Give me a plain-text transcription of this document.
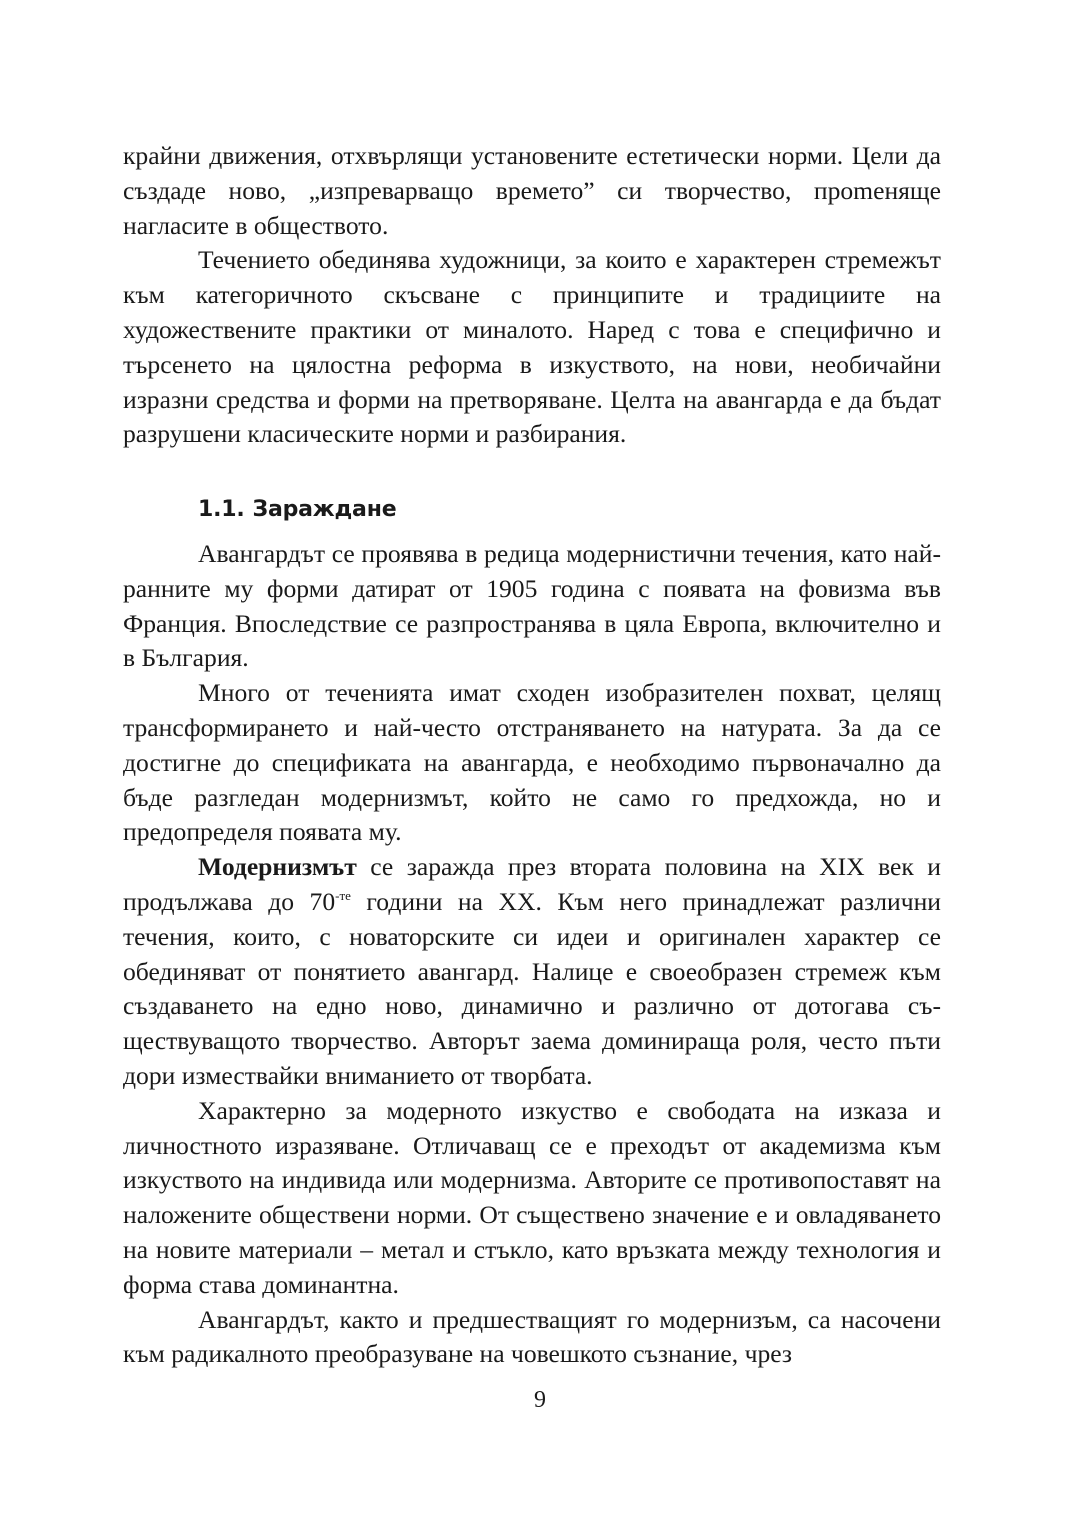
крайни движения, отхвърлящи установените естетически норми. Цели да създаде ново, „изпреварващо времето” си творчество, проmеняще нагласите в обществото.

Течението обединява художници, за които е характерен стремежът към категоричното скъсване с принципите и традициите на художествените практики от миналото. Наред с това е специфично и търсенето на цялостна реформа в изкуството, на нови, необичайни изразни средства и форми на претворяване. Целта на авангарда е да бъдат разрушени класическите норми и разбирания.

1.1. Зараждане

Авангардът се проявява в редица модернистични течения, като най-ранните му форми датират от 1905 година с появата на фовизма във Франция. Впоследствие се разпространява в цяла Европа, включително и в България.

Много от теченията имат сходен изобразителен похват, целящ трансформирането и най-често отстраняването на натурата. За да се достигне до спецификата на авангарда, е необходимо първоначално да бъде разгледан модернизмът, който не само го предхожда, но и предопределя появата му.

Модернизмът се заражда през втората половина на XIX век и продължава до $70^{-те}$ години на XX. Към него принадлежат различни течения, които, с новаторските си идеи и оригинален характер се обединяват от понятието авангард. Налице е своеобразен стремеж към създаването на едно ново, динамично и различно от дотогава съществуващото творчество. Авторът заема доминираща роля, често пъти дори измествайки вниманието от творбата.

Характерно за модерното изкуство е свободата на изказа и личностното изразяване. Отличаващ се е преходът от академизма към изкуството на индивида или модернизма. Авторите се противопоставят на наложените обществени норми. От съществено значение е и овладяването на новите материали – метал и стъкло, като връзката между технология и форма става доминантна.

Авангардът, както и предшестващият го модернизъм, са насочени към радикалното преобразуване на човешкото съзнание, чрез

9
